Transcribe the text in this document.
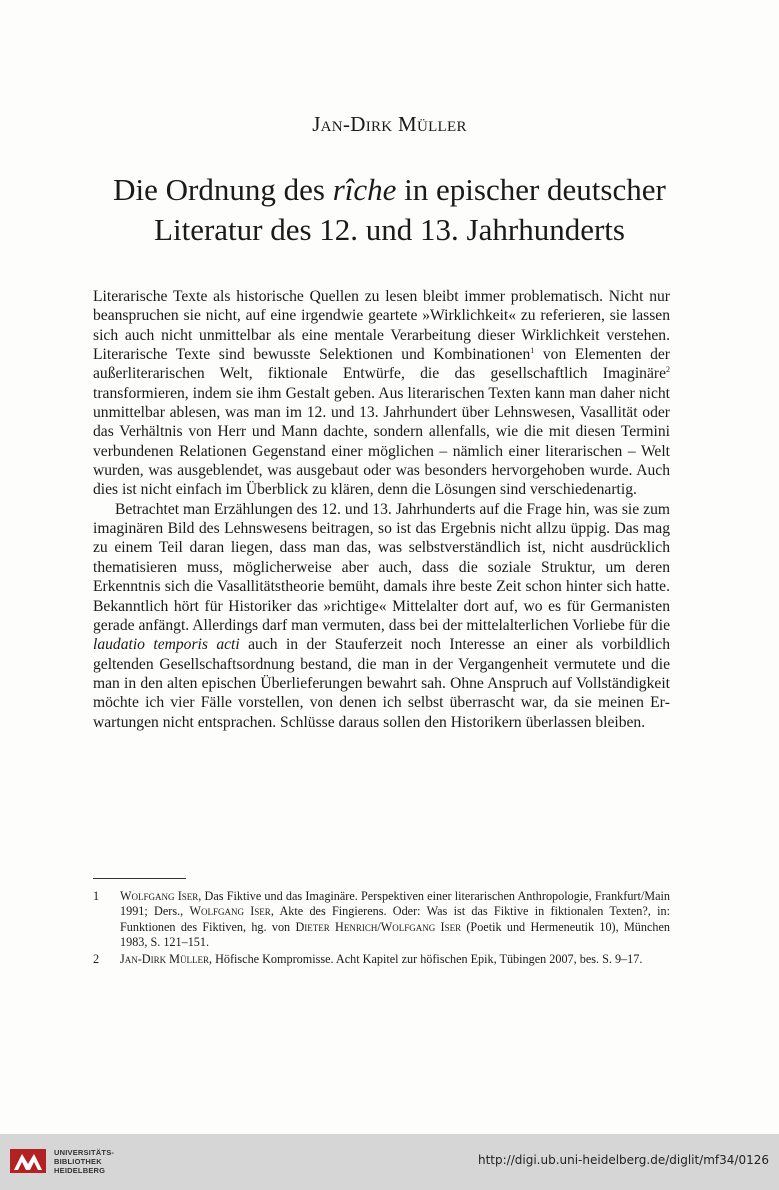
Jan-Dirk Müller
Die Ordnung des rîche in epischer deutscher
Literatur des 12. und 13. Jahrhunderts

Literarische Texte als historische Quellen zu lesen bleibt immer problematisch. Nicht nur beanspruchen sie nicht, auf eine irgendwie geartete »Wirklichkeit« zu referieren, sie lassen sich auch nicht unmittelbar als eine mentale Verarbeitung dieser Wirklichkeit verstehen. Literarische Texte sind bewusste Selektionen und Kombinationen$^1$ von Elementen der außerliterarischen Welt, fiktionale Entwürfe, die das gesellschaftlich Imaginäre$^2$ transformieren, indem sie ihm Gestalt geben. Aus literarischen Texten kann man daher nicht unmittelbar ablesen, was man im 12. und 13. Jahrhundert über Lehnswesen, Vasallität oder das Verhältnis von Herr und Mann dachte, sondern allenfalls, wie die mit diesen Termini verbundenen Relationen Gegenstand einer möglichen – nämlich einer literarischen – Welt wurden, was ausgeblendet, was ausgebaut oder was besonders hervorgehoben wurde. Auch dies ist nicht einfach im Überblick zu klären, denn die Lösungen sind verschiedenartig.

Betrachtet man Erzählungen des 12. und 13. Jahrhunderts auf die Frage hin, was sie zum imaginären Bild des Lehnswesens beitragen, so ist das Ergebnis nicht allzu üppig. Das mag zu einem Teil daran liegen, dass man das, was selbstverständlich ist, nicht ausdrücklich thematisieren muss, möglicherweise aber auch, dass die soziale Struktur, um deren Erkenntnis sich die Vasallitätstheorie bemüht, damals ihre beste Zeit schon hinter sich hatte. Bekanntlich hört für Historiker das »richtige« Mittelalter dort auf, wo es für Germanisten gerade anfängt. Allerdings darf man vermuten, dass bei der mittelalterlichen Vorliebe für die laudatio temporis acti auch in der Stauferzeit noch Interesse an einer als vorbildlich geltenden Gesellschaftsordnung bestand, die man in der Vergangenheit vermutete und die man in den alten epischen Überlieferungen bewahrt sah. Ohne Anspruch auf Vollständigkeit möchte ich vier Fälle vorstellen, von denen ich selbst überrascht war, da sie meinen Erwartungen nicht entsprachen. Schlüsse daraus sollen den Historikern überlassen bleiben.

1	Wolfgang Iser, Das Fiktive und das Imaginäre. Perspektiven einer literarischen Anthropologie, Frankfurt/Main 1991; Ders., Wolfgang Iser, Akte des Fingierens. Oder: Was ist das Fiktive in fiktionalen Texten?, in: Funktionen des Fiktiven, hg. von Dieter Henrich/Wolfgang Iser (Poetik und Hermeneutik 10), München 1983, S. 121–151.
2	Jan-Dirk Müller, Höfische Kompromisse. Acht Kapitel zur höfischen Epik, Tübingen 2007, bes. S. 9–17.
UNIVERSITÄTS-
BIBLIOTHEK
HEIDELBERG
http://digi.ub.uni-heidelberg.de/diglit/mf34/0126
